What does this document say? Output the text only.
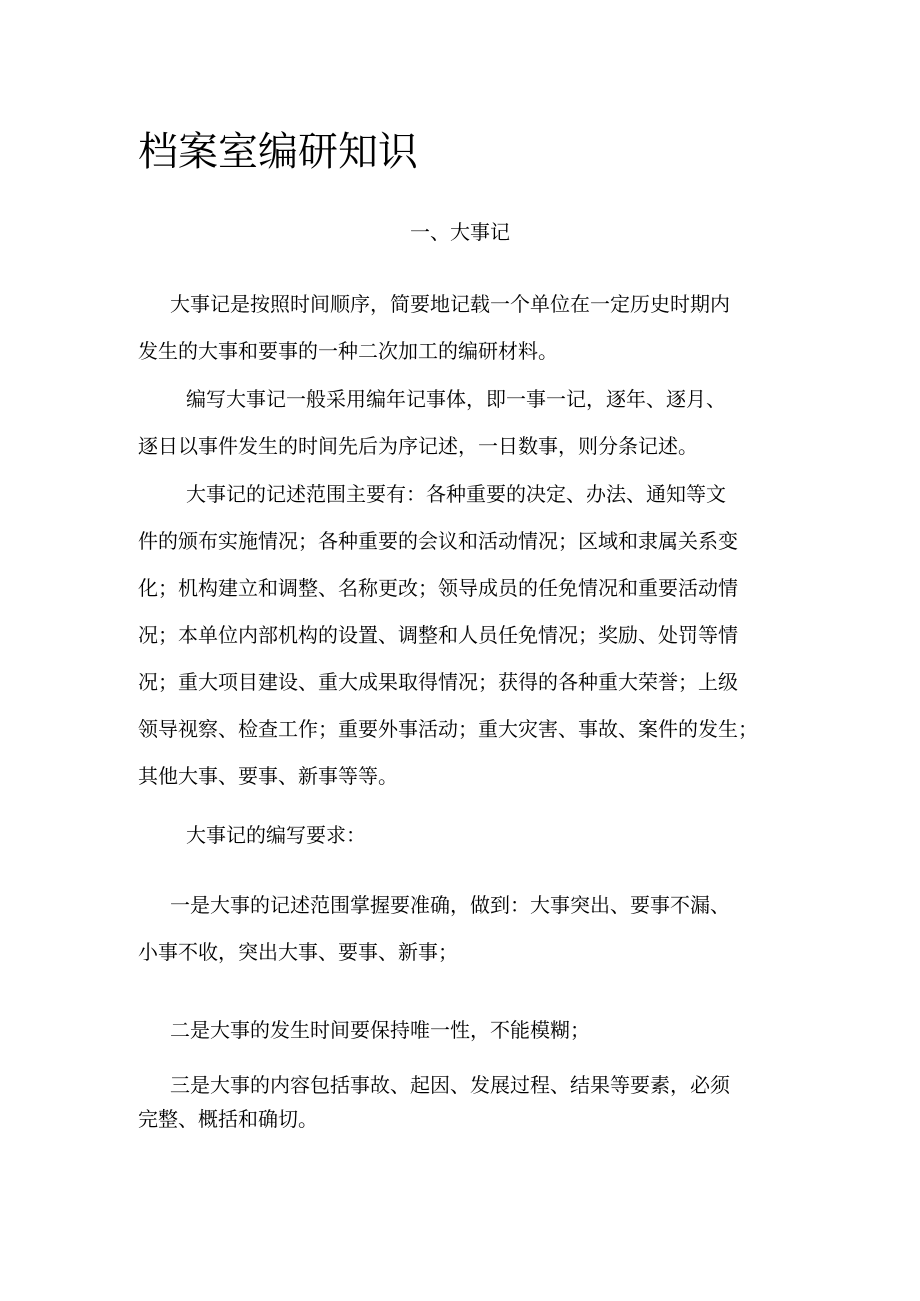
档案室编研知识
一、大事记
大事记是按照时间顺序，简要地记载一个单位在一定历史时期内
发生的大事和要事的一种二次加工的编研材料。
编写大事记一般采用编年记事体，即一事一记，逐年、逐月、
逐日以事件发生的时间先后为序记述，一日数事，则分条记述。
大事记的记述范围主要有：各种重要的决定、办法、通知等文
件的颁布实施情况；各种重要的会议和活动情况；区域和隶属关系变
化；机构建立和调整、名称更改；领导成员的任免情况和重要活动情
况；本单位内部机构的设置、调整和人员任免情况；奖励、处罚等情
况；重大项目建设、重大成果取得情况；获得的各种重大荣誉；上级
领导视察、检查工作；重要外事活动；重大灾害、事故、案件的发生；
其他大事、要事、新事等等。
大事记的编写要求：
一是大事的记述范围掌握要准确，做到：大事突出、要事不漏、
小事不收，突出大事、要事、新事；
二是大事的发生时间要保持唯一性，不能模糊；
三是大事的内容包括事故、起因、发展过程、结果等要素，必须
完整、概括和确切。
